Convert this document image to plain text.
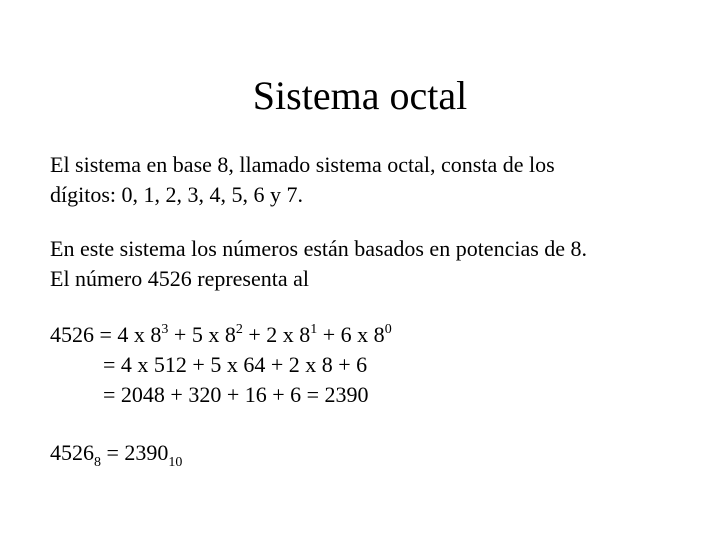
Sistema octal
El sistema en base 8, llamado sistema octal, consta de los
dígitos: 0, 1, 2, 3, 4, 5, 6 y 7.
En este sistema los números están basados en potencias de 8.
El número 4526 representa al
4526 = 4 x $8^3 + 5$ x $8^2 + 2$ x $8^1 + 6$ x $8^0$
= 4 x 512 + 5 x 64 + 2 x 8 + 6
= 2048 + 320 + 16 + 6 = 2390
$4526_8 = 2390_{10}$
